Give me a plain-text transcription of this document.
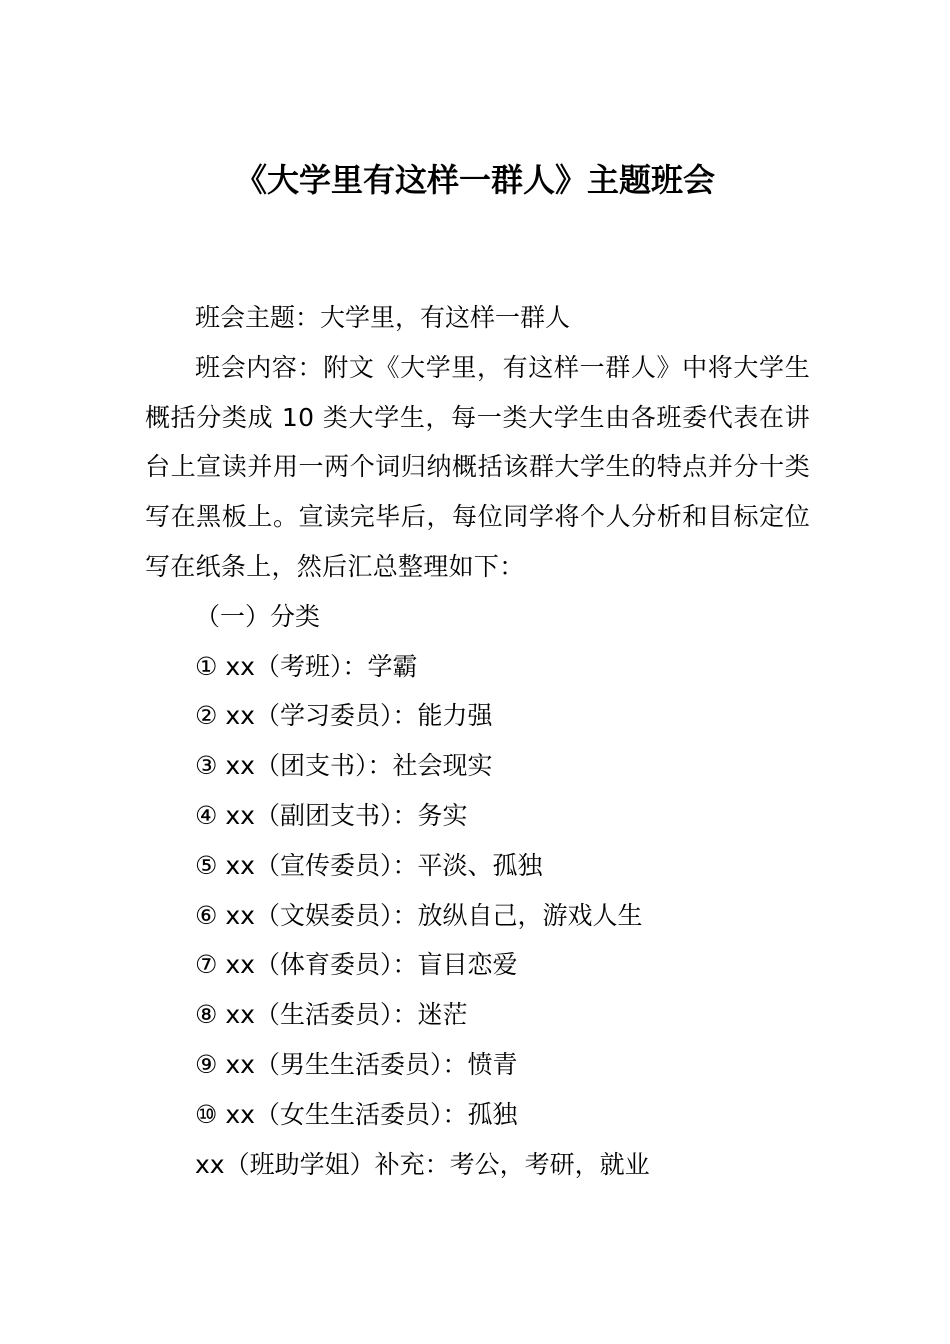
《大学里有这样一群人》主题班会

班会主题：大学里，有这样一群人

班会内容：附文《大学里，有这样一群人》中将大学生概括分类成 10 类大学生，每一类大学生由各班委代表在讲台上宣读并用一两个词归纳概括该群大学生的特点并分十类写在黑板上。宣读完毕后，每位同学将个人分析和目标定位写在纸条上，然后汇总整理如下：

（一）分类

① xx（考班）：学霸

② xx（学习委员）：能力强

③ xx（团支书）：社会现实

④ xx（副团支书）：务实

⑤ xx（宣传委员）：平淡、孤独

⑥ xx（文娱委员）：放纵自己，游戏人生

⑦ xx（体育委员）：盲目恋爱

⑧ xx（生活委员）：迷茫

⑨ xx（男生生活委员）：愤青

⑩ xx（女生生活委员）：孤独

xx（班助学姐）补充：考公，考研，就业
